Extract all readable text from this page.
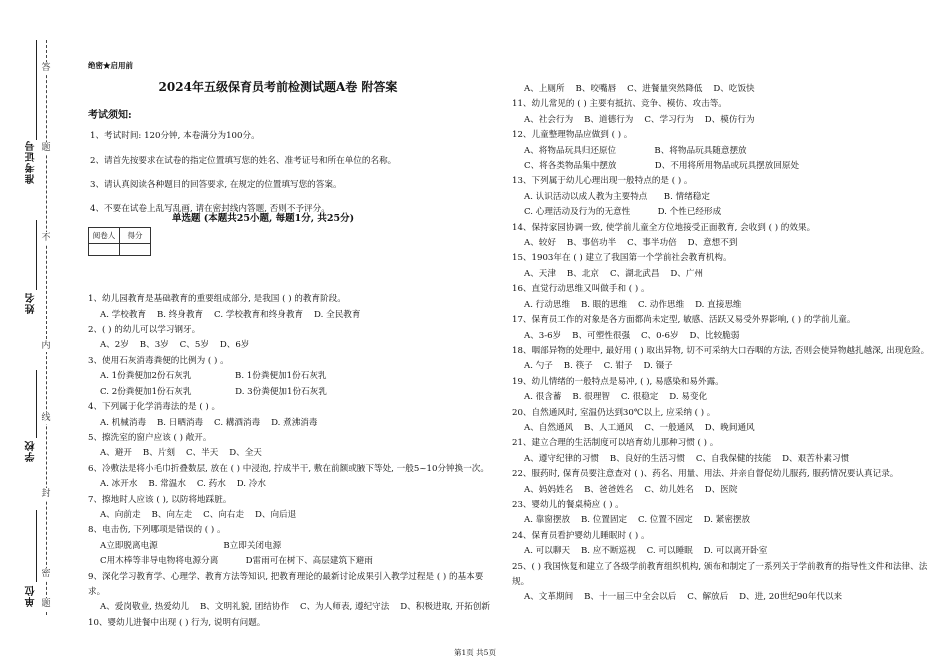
答
题
不
内
线
封
密
题
准考证号
姓名
学校
单位
绝密★启用前
2024年五级保育员考前检测试题A卷 附答案
考试须知:
1、考试时间: 120分钟, 本卷满分为100分。
2、请首先按要求在试卷的指定位置填写您的姓名、准考证号和所在单位的名称。
3、请认真阅读各种题目的回答要求, 在规定的位置填写您的答案。
4、不要在试卷上乱写乱画, 请在密封线内答题, 否则不予评分。
阅卷人	得分

1、幼儿园教育是基础教育的重要组成部分, 是我国 ( ) 的教育阶段。
A. 学校教育    B. 终身教育    C. 学校教育和终身教育    D. 全民教育
2、( ) 的幼儿可以学习钢牙。
A、2岁    B、3岁    C、5岁    D、6岁
3、使用石灰消毒粪便的比例为 ( ) 。
A. 1份粪便加2份石灰乳                B. 1份粪便加1份石灰乳
C. 2份粪便加1份石灰乳                D. 3份粪便加1份石灰乳
4、下列属于化学消毒法的是 ( ) 。
A. 机械消毒    B. 日晒消毒    C. 耩酒消毒    D. 煮沸消毒
5、擦洗室的窗户应该 ( ) 敞开。
A、避开    B、片刻    C、半天    D、全天
6、冷敷法是将小毛巾折叠数层, 放在 ( ) 中浸泡, 拧成半干, 敷在前额或腋下等处, 一般5~10分钟换一次。
A. 冰开水    B. 常温水    C. 药水    D. 冷水
7、擦地时人应该 ( ), 以防将地踩脏。
A、向前走    B、向左走    C、向右走    D、向后退
8、电击伤, 下列哪项是错误的 ( ) 。
A立即脱离电源                        B立即关闭电源
C用木棒等非导电物将电源分离          D雷雨可在树下、高层建筑下避雨
9、深化学习教育学、心理学、教育方法等知识, 把教育理论的最新讨论成果引入教学过程是 ( ) 的基本要求。
A、爱岗敬业, 热爱幼儿    B、文明礼貌, 团结协作    C、为人师表, 遵纪守法    D、积极进取, 开拓创新
10、婴幼儿进餐中出现 ( ) 行为, 说明有问题。
单选题 (本题共25小题, 每题1分, 共25分)
A、上厕所    B、咬嘴唇    C、进餐量突然降低    D、吃饭快
11、幼儿常见的 ( ) 主要有抵抗、竞争、模仿、攻击等。
A、社会行为    B、道德行为    C、学习行为    D、模仿行为
12、儿童整理物品应做到 ( ) 。
A、将物品玩具归还原位              B、将物品玩具随意摆放
C、将各类物品集中摆放              D、不用将所用物品或玩具摆放回原处
13、下列属于幼儿心理出现一般特点的是 ( ) 。
A. 认识活动以成人教为主要特点      B. 情绪稳定
C. 心理活动及行为的无意性          D. 个性已经形成
14、保持家园协调一致, 使学前儿童全方位地接受正面教育, 会收到 ( ) 的效果。
A、较好    B、事倍功半    C、事半功倍    D、意想不到
15、1903年在 ( ) 建立了我国第一个学前社会教育机构。
A、天津    B、北京    C、湖北武昌    D、广州
16、直觉行动思维又叫做手和 ( ) 。
A. 行动思维    B. 眼的思维    C. 动作思维    D. 直接思维
17、保育员工作的对象是各方面都尚未定型, 敏感、活跃又易受外界影响, ( ) 的学前儿童。
A、3-6岁    B、可塑性很强    C、0-6岁    D、比较脆弱
18、咽部异物的处理中, 最好用 ( ) 取出异物, 切不可采纳大口吞咽的方法, 否则会使异物越扎越深, 出现危险。
A. 勺子    B. 筷子    C. 钳子    D. 镊子
19、幼儿情绪的一般特点是易冲, ( ), 易感染和易外露。
A. 很含蓄    B. 很理智    C. 很稳定    D. 易变化
20、自然通风时, 室温仍达到30℃以上, 应采纳 ( ) 。
A、自然通风    B、人工通风    C、一般通风    D、晚间通风
21、建立合理的生活制度可以培育幼儿那种习惯 ( ) 。
A、遵守纪律的习惯    B、良好的生活习惯    C、自我保健的技能    D、艰苦朴素习惯
22、服药时, 保育员要注意查对 ( )、药名、用量、用法、并亲自督促幼儿服药, 服药情况要认真记录。
A、妈妈姓名    B、爸爸姓名    C、幼儿姓名    D、医院
23、婴幼儿的餐桌椅应 ( ) 。
A. 靠窗摆放    B. 位置固定    C. 位置不固定    D. 紧密摆放
24、保育员看护婴幼儿睡眠时 ( ) 。
A. 可以聊天    B. 应不断巡视    C. 可以睡眠    D. 可以离开卧室
25、( ) 我国恢复和建立了各级学前教育组织机构, 颁布和制定了一系列关于学前教育的指导性文件和法律、法规。
A、文革期间    B、十一届三中全会以后    C、解放后    D、进, 20世纪90年代以来
第1页 共5页
